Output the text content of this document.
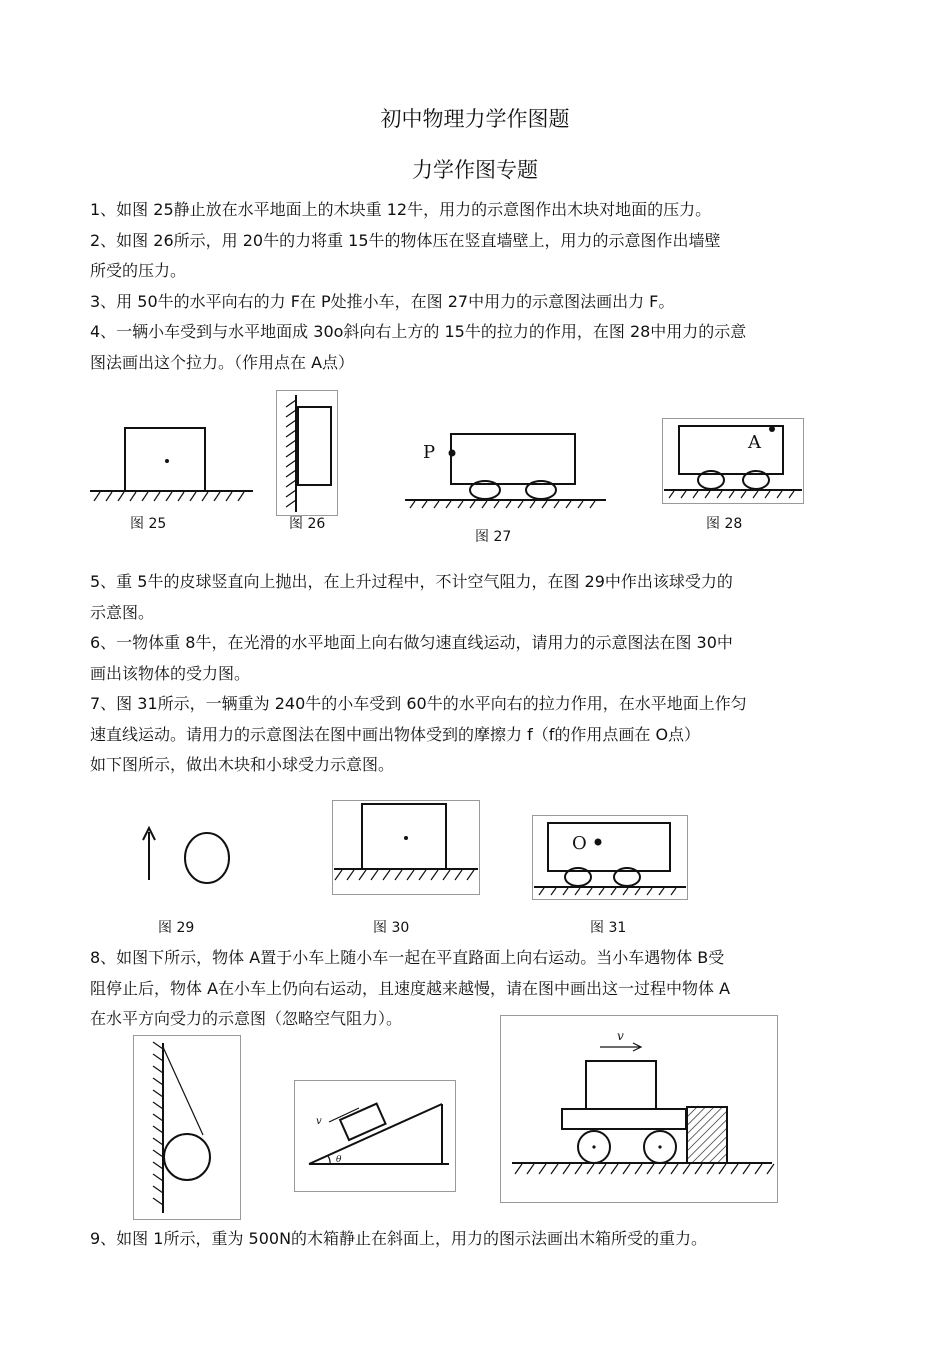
初中物理力学作图题
力学作图专题
1、如图 25静止放在水平地面上的木块重 12牛，用力的示意图作出木块对地面的压力。
2、如图 26所示，用 20牛的力将重 15牛的物体压在竖直墙壁上，用力的示意图作出墙壁
所受的压力。
3、用 50牛的水平向右的力 F在 P处推小车，在图 27中用力的示意图法画出力 F。
4、一辆小车受到与水平地面成 30o斜向右上方的 15牛的拉力的作用，在图 28中用力的示意
图法画出这个拉力。（作用点在 A点）
图 25	图 26
P
图 27
A
图 28
5、重 5牛的皮球竖直向上抛出，在上升过程中，不计空气阻力，在图 29中作出该球受力的
示意图。
6、一物体重 8牛，在光滑的水平地面上向右做匀速直线运动，请用力的示意图法在图 30中
画出该物体的受力图。
7、图 31所示，一辆重为 240牛的小车受到 60牛的水平向右的拉力作用，在水平地面上作匀
速直线运动。请用力的示意图法在图中画出物体受到的摩擦力 f（f的作用点画在 O点）
如下图所示，做出木块和小球受力示意图。
图 29	图 30
O
图 31
8、如图下所示，物体 A置于小车上随小车一起在平直路面上向右运动。当小车遇物体 B受
阻停止后，物体 A在小车上仍向右运动，且速度越来越慢，请在图中画出这一过程中物体 A
在水平方向受力的示意图（忽略空气阻力）。
v
θ
v
9、如图 1所示，重为 500N的木箱静止在斜面上，用力的图示法画出木箱所受的重力。
